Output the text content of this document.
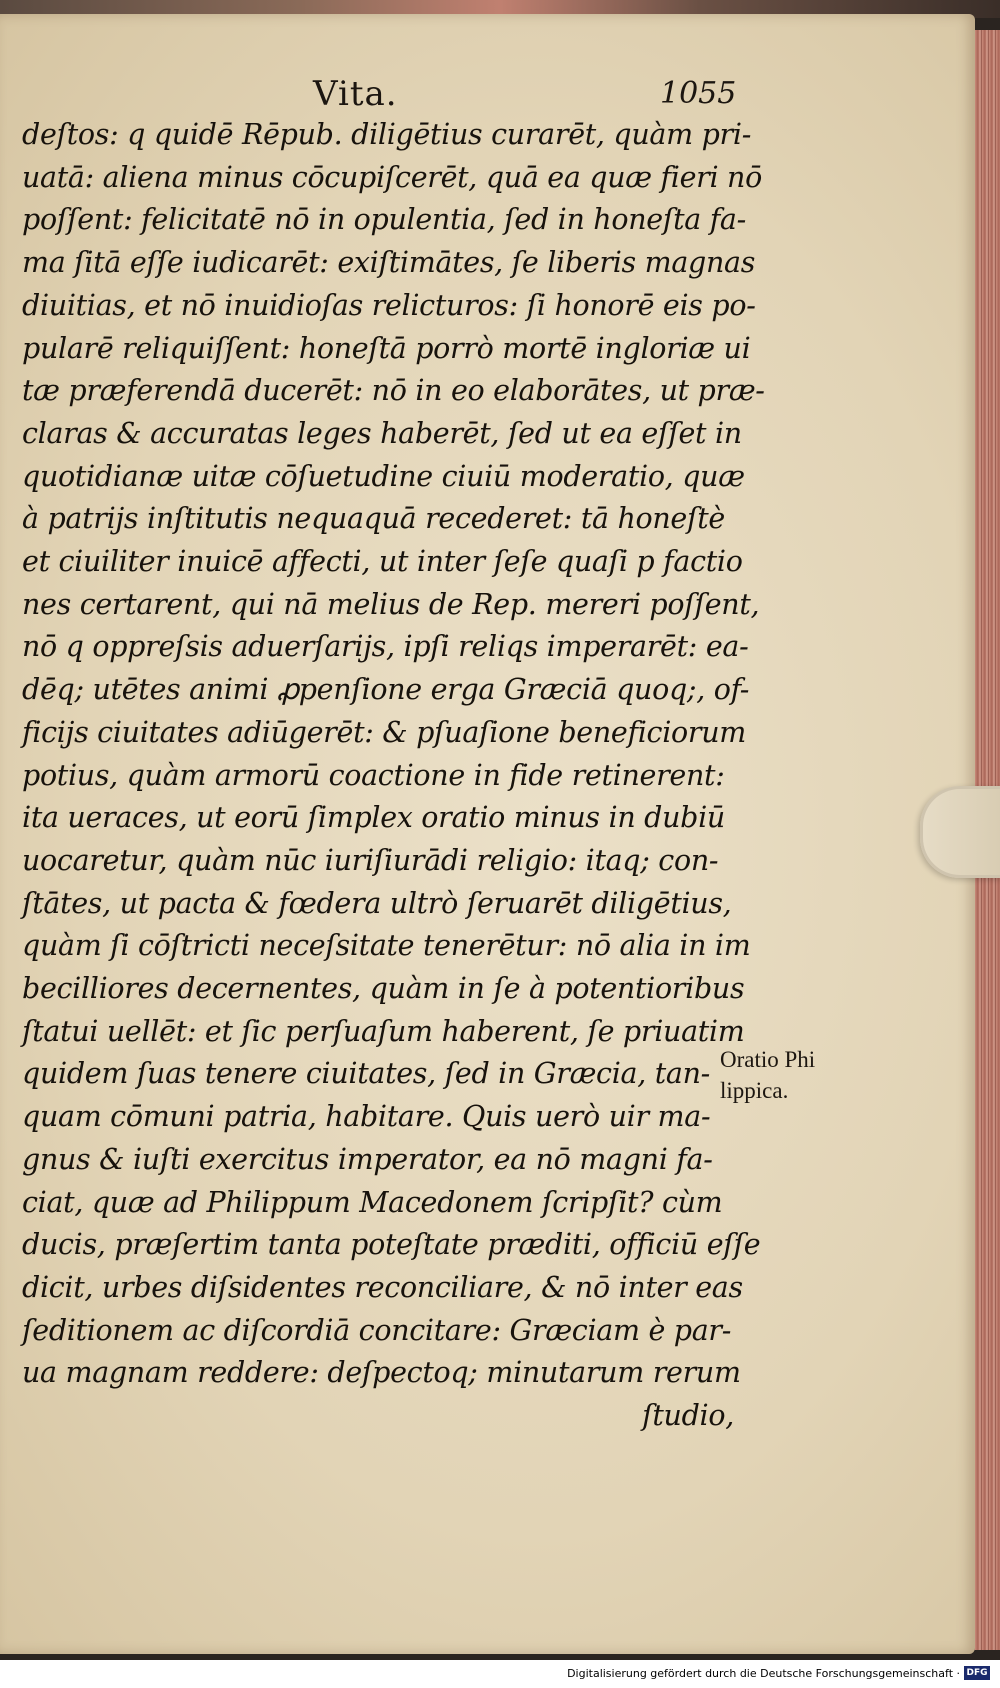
Vita.	1055
deſtos: q quidē Rēpub. diligētius curarēt, quàm pri-
uatā: aliena minus cōcupiſcerēt, quā ea quæ fieri nō
poſſent: felicitatē nō in opulentia, ſed in honeſta fa-
ma ſitā eſſe iudicarēt: exiſtimātes, ſe liberis magnas
diuitias, et nō inuidioſas relicturos: ſi honorē eis po-
pularē reliquiſſent: honeſtā porrò mortē ingloriæ ui
tæ præferendā ducerēt: nō in eo elaborātes, ut præ-
claras & accuratas leges haberēt, ſed ut ea eſſet in
quotidianæ uitæ cōſuetudine ciuiū moderatio, quæ
à patrijs inſtitutis nequaquā recederet: tā honeſtè
et ciuiliter inuicē affecti, ut inter ſeſe quaſi p factio
nes certarent, qui nā melius de Rep. mereri poſſent,
nō q oppreſsis aduerſarijs, ipſi reliqs imperarēt: ea-
dēq; utētes animi ꝓpenſione erga Græciā quoq;, of-
ficijs ciuitates adiūgerēt: & pſuaſione beneficiorum
potius, quàm armorū coactione in fide retinerent:
ita ueraces, ut eorū ſimplex oratio minus in dubiū
uocaretur, quàm nūc iuriſiurādi religio: itaq; con-
ſtātes, ut pacta & fœdera ultrò ſeruarēt diligētius,
quàm ſi cōſtricti neceſsitate tenerētur: nō alia in im
becilliores decernentes, quàm in ſe à potentioribus
ſtatui uellēt: et ſic perſuaſum haberent, ſe priuatim
quidem ſuas tenere ciuitates, ſed in Græcia, tan-
quam cōmuni patria, habitare. Quis uerò uir ma-
gnus & iuſti exercitus imperator, ea nō magni fa-
ciat, quæ ad Philippum Macedonem ſcripſit? cùm
ducis, præſertim tanta poteſtate præditi, officiū eſſe
dicit, urbes diſsidentes reconciliare, & nō inter eas
ſeditionem ac diſcordiā concitare: Græciam è par-
ua magnam reddere: deſpectoq; minutarum rerum
ſtudio,
Oratio Phi
lippica.
Digitalisierung gefördert durch die Deutsche Forschungsgemeinschaft · DFG
